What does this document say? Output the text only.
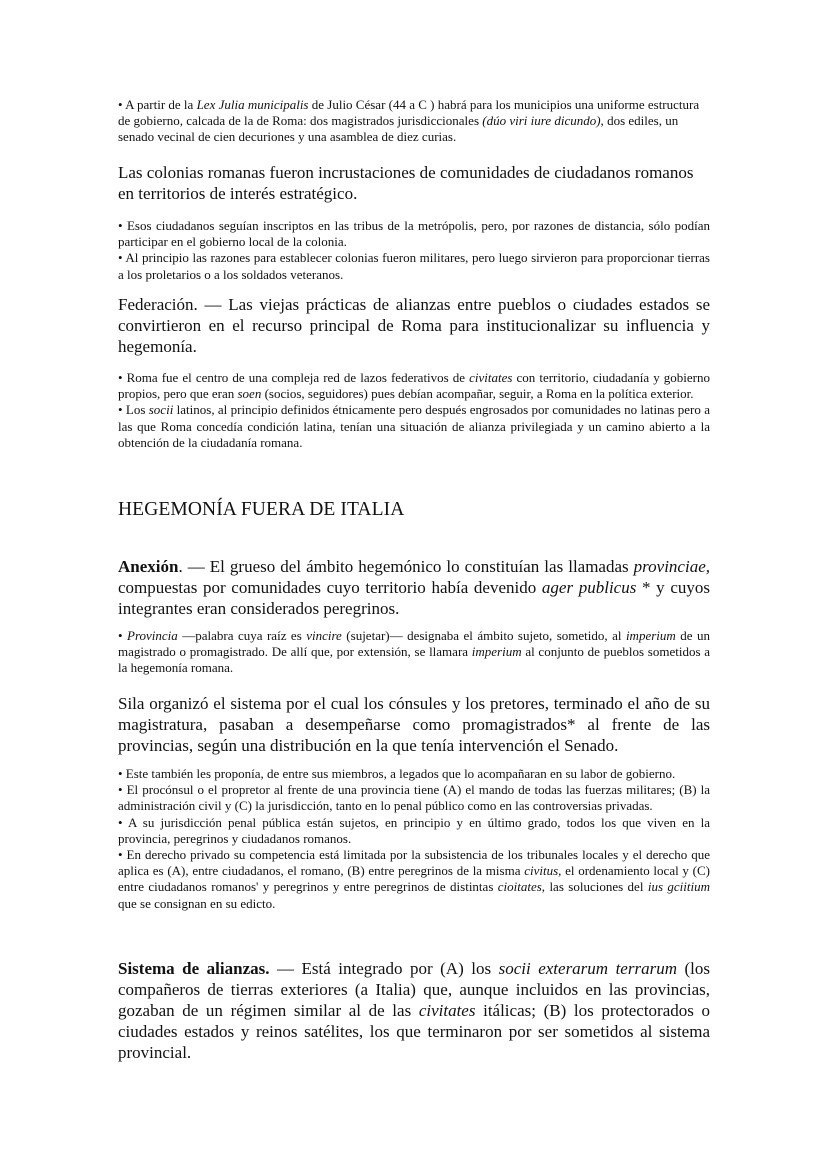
• A partir de la Lex Julia municipalis de Julio César (44 a C ) habrá para los municipios una uniforme estructura de gobierno, calcada de la de Roma: dos magistrados jurisdiccionales (dúo viri iure dicundo), dos ediles, un senado vecinal de cien decuriones y una asamblea de diez curias.

Las colonias romanas fueron incrustaciones de comunidades de ciudadanos romanos en territorios de interés estratégico.

• Esos ciudadanos seguían inscriptos en las tribus de la metrópolis, pero, por razones de distancia, sólo podían participar en el gobierno local de la colonia.

• Al principio las razones para establecer colonias fueron militares, pero luego sirvieron para proporcionar tierras a los proletarios o a los soldados veteranos.

Federación. — Las viejas prácticas de alianzas entre pueblos o ciudades estados se convirtieron en el recurso principal de Roma para institucionalizar su influencia y hegemonía.

• Roma fue el centro de una compleja red de lazos federativos de civitates con territorio, ciudadanía y gobierno propios, pero que eran soen (socios, seguidores) pues debían acompañar, seguir, a Roma en la política exterior.

• Los socii latinos, al principio definidos étnicamente pero después engrosados por comunidades no latinas pero a las que Roma concedía condición latina, tenían una situación de alianza privilegiada y un camino abierto a la obtención de la ciudadanía romana.

HEGEMONÍA FUERA DE ITALIA

Anexión. — El grueso del ámbito hegemónico lo constituían las llamadas provinciae, compuestas por comunidades cuyo territorio había devenido ager publicus * y cuyos integrantes eran considerados peregrinos.

• Provincia —palabra cuya raíz es vincire (sujetar)— designaba el ámbito sujeto, sometido, al imperium de un magistrado o promagistrado. De allí que, por extensión, se llamara imperium al conjunto de pueblos sometidos a la hegemonía romana.

Sila organizó el sistema por el cual los cónsules y los pretores, terminado el año de su magistratura, pasaban a desempeñarse como promagistrados* al frente de las provincias, según una distribución en la que tenía intervención el Senado.

• Este también les proponía, de entre sus miembros, a legados que lo acompañaran en su labor de gobierno.

• El procónsul o el propretor al frente de una provincia tiene (A) el mando de todas las fuerzas militares; (B) la administración civil y (C) la jurisdicción, tanto en lo penal público como en las controversias privadas.

• A su jurisdicción penal pública están sujetos, en principio y en último grado, todos los que viven en la provincia, peregrinos y ciudadanos romanos.

• En derecho privado su competencia está limitada por la subsistencia de los tribunales locales y el derecho que aplica es (A), entre ciudadanos, el romano, (B) entre peregrinos de la misma civitus, el ordenamiento local y (C) entre ciudadanos romanos' y peregrinos y entre peregrinos de distintas cioitates, las soluciones del ius gciitium que se consignan en su edicto.

Sistema de alianzas. — Está integrado por (A) los socii exterarum terrarum (los compañeros de tierras exteriores (a Italia) que, aunque incluidos en las provincias, gozaban de un régimen similar al de las civitates itálicas; (B) los protectorados o ciudades estados y reinos satélites, los que terminaron por ser sometidos al sistema provincial.
